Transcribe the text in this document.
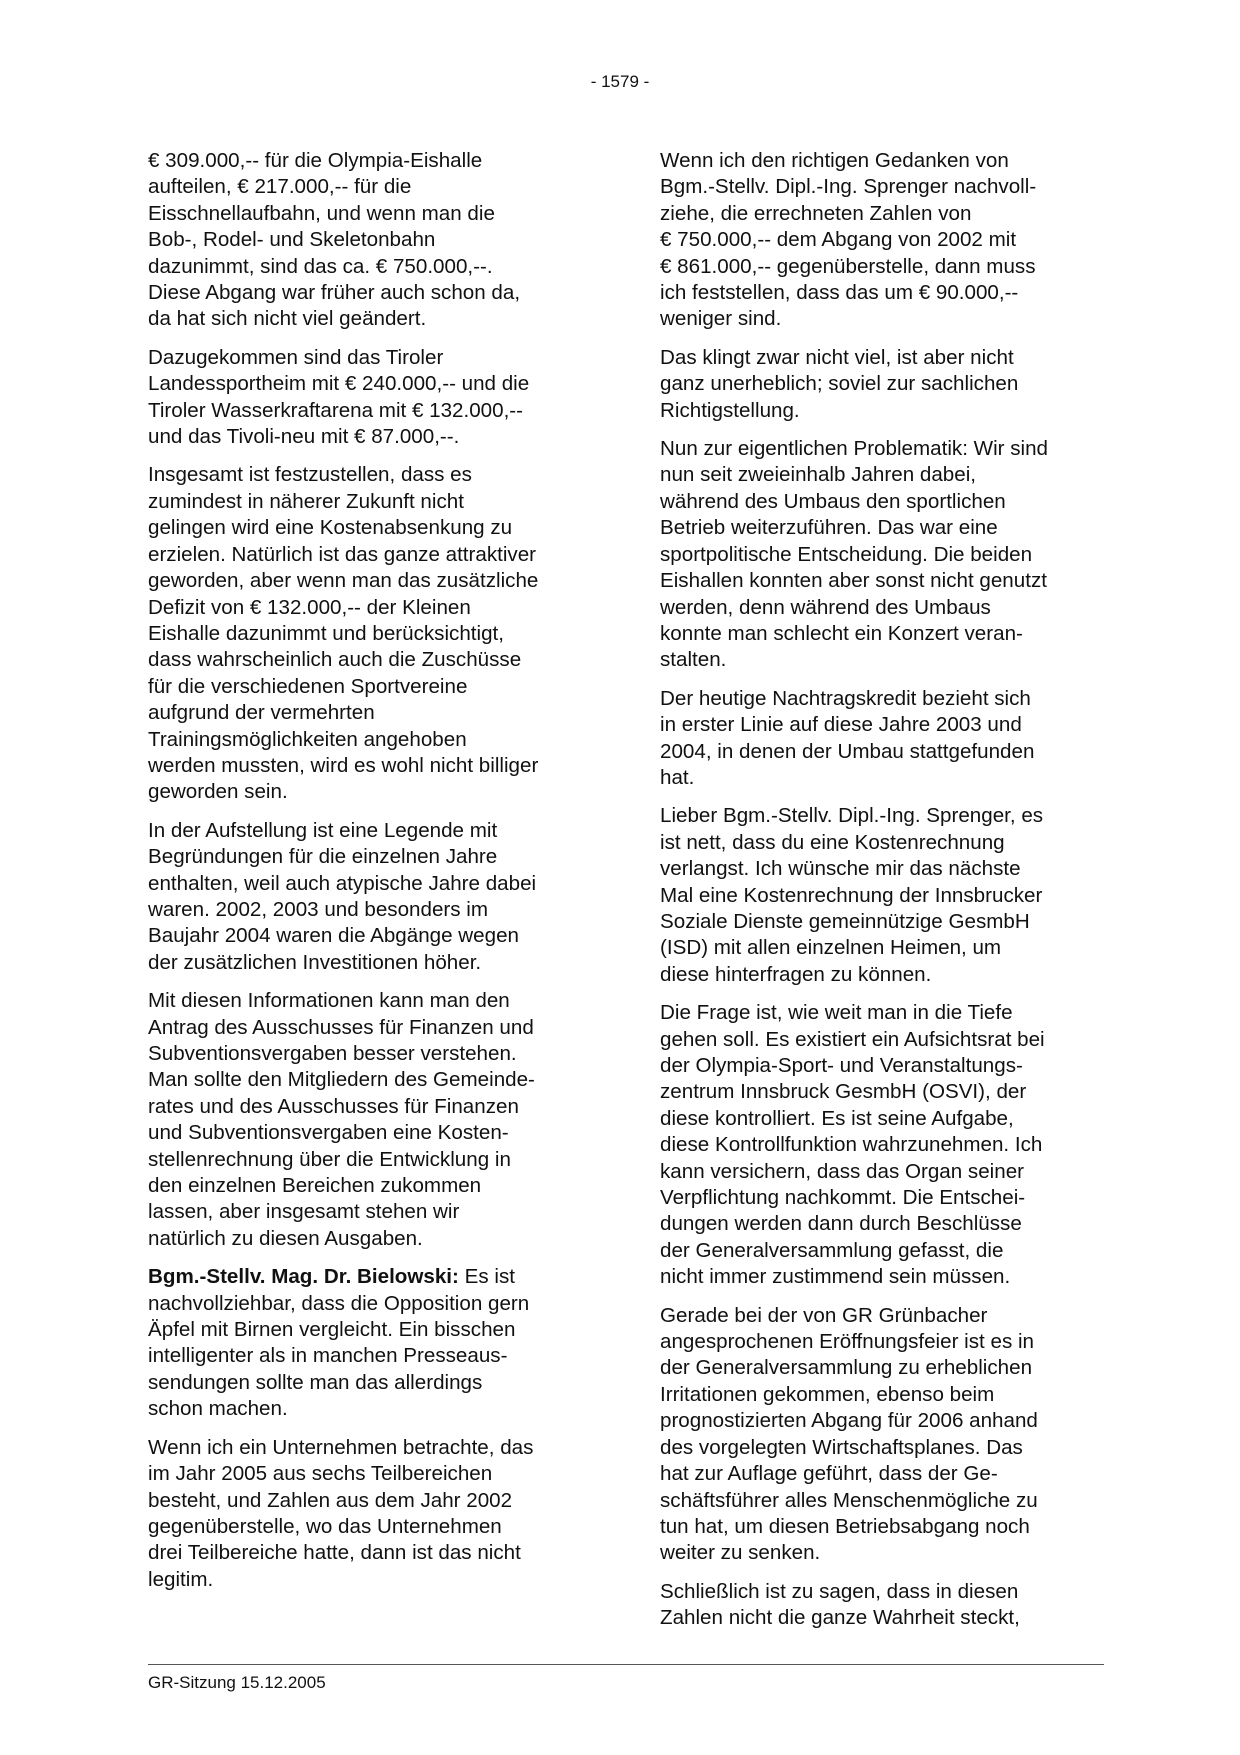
- 1579 -

€ 309.000,-- für die Olympia-Eishalle
aufteilen, € 217.000,-- für die
Eisschnellaufbahn, und wenn man die
Bob-, Rodel- und Skeletonbahn
dazunimmt, sind das ca. € 750.000,--.
Diese Abgang war früher auch schon da,
da hat sich nicht viel geändert.

Dazugekommen sind das Tiroler
Landessportheim mit € 240.000,-- und die
Tiroler Wasserkraftarena mit € 132.000,--
und das Tivoli-neu mit € 87.000,--.

Insgesamt ist festzustellen, dass es
zumindest in näherer Zukunft nicht
gelingen wird eine Kostenabsenkung zu
erzielen. Natürlich ist das ganze attraktiver
geworden, aber wenn man das zusätzliche
Defizit von € 132.000,-- der Kleinen
Eishalle dazunimmt und berücksichtigt,
dass wahrscheinlich auch die Zuschüsse
für die verschiedenen Sportvereine
aufgrund der vermehrten
Trainingsmöglichkeiten angehoben
werden mussten, wird es wohl nicht billiger
geworden sein.

In der Aufstellung ist eine Legende mit
Begründungen für die einzelnen Jahre
enthalten, weil auch atypische Jahre dabei
waren. 2002, 2003 und besonders im
Baujahr 2004 waren die Abgänge wegen
der zusätzlichen Investitionen höher.

Mit diesen Informationen kann man den
Antrag des Ausschusses für Finanzen und
Subventionsvergaben besser verstehen.
Man sollte den Mitgliedern des Gemeinde-
rates und des Ausschusses für Finanzen
und Subventionsvergaben eine Kosten-
stellenrechnung über die Entwicklung in
den einzelnen Bereichen zukommen
lassen, aber insgesamt stehen wir
natürlich zu diesen Ausgaben.

Bgm.-Stellv. Mag. Dr. Bielowski: Es ist
nachvollziehbar, dass die Opposition gern
Äpfel mit Birnen vergleicht. Ein bisschen
intelligenter als in manchen Presseaus-
sendungen sollte man das allerdings
schon machen.

Wenn ich ein Unternehmen betrachte, das
im Jahr 2005 aus sechs Teilbereichen
besteht, und Zahlen aus dem Jahr 2002
gegenüberstelle, wo das Unternehmen
drei Teilbereiche hatte, dann ist das nicht
legitim.

Wenn ich den richtigen Gedanken von
Bgm.-Stellv. Dipl.-Ing. Sprenger nachvoll-
ziehe, die errechneten Zahlen von
€ 750.000,-- dem Abgang von 2002 mit
€ 861.000,-- gegenüberstelle, dann muss
ich feststellen, dass das um € 90.000,--
weniger sind.

Das klingt zwar nicht viel, ist aber nicht
ganz unerheblich; soviel zur sachlichen
Richtigstellung.

Nun zur eigentlichen Problematik: Wir sind
nun seit zweieinhalb Jahren dabei,
während des Umbaus den sportlichen
Betrieb weiterzuführen. Das war eine
sportpolitische Entscheidung. Die beiden
Eishallen konnten aber sonst nicht genutzt
werden, denn während des Umbaus
konnte man schlecht ein Konzert veran-
stalten.

Der heutige Nachtragskredit bezieht sich
in erster Linie auf diese Jahre 2003 und
2004, in denen der Umbau stattgefunden
hat.

Lieber Bgm.-Stellv. Dipl.-Ing. Sprenger, es
ist nett, dass du eine Kostenrechnung
verlangst. Ich wünsche mir das nächste
Mal eine Kostenrechnung der Innsbrucker
Soziale Dienste gemeinnützige GesmbH
(ISD) mit allen einzelnen Heimen, um
diese hinterfragen zu können.

Die Frage ist, wie weit man in die Tiefe
gehen soll. Es existiert ein Aufsichtsrat bei
der Olympia-Sport- und Veranstaltungs-
zentrum Innsbruck GesmbH (OSVI), der
diese kontrolliert. Es ist seine Aufgabe,
diese Kontrollfunktion wahrzunehmen. Ich
kann versichern, dass das Organ seiner
Verpflichtung nachkommt. Die Entschei-
dungen werden dann durch Beschlüsse
der Generalversammlung gefasst, die
nicht immer zustimmend sein müssen.

Gerade bei der von GR Grünbacher
angesprochenen Eröffnungsfeier ist es in
der Generalversammlung zu erheblichen
Irritationen gekommen, ebenso beim
prognostizierten Abgang für 2006 anhand
des vorgelegten Wirtschaftsplanes. Das
hat zur Auflage geführt, dass der Ge-
schäftsführer alles Menschenmögliche zu
tun hat, um diesen Betriebsabgang noch
weiter zu senken.

Schließlich ist zu sagen, dass in diesen
Zahlen nicht die ganze Wahrheit steckt,

GR-Sitzung 15.12.2005
